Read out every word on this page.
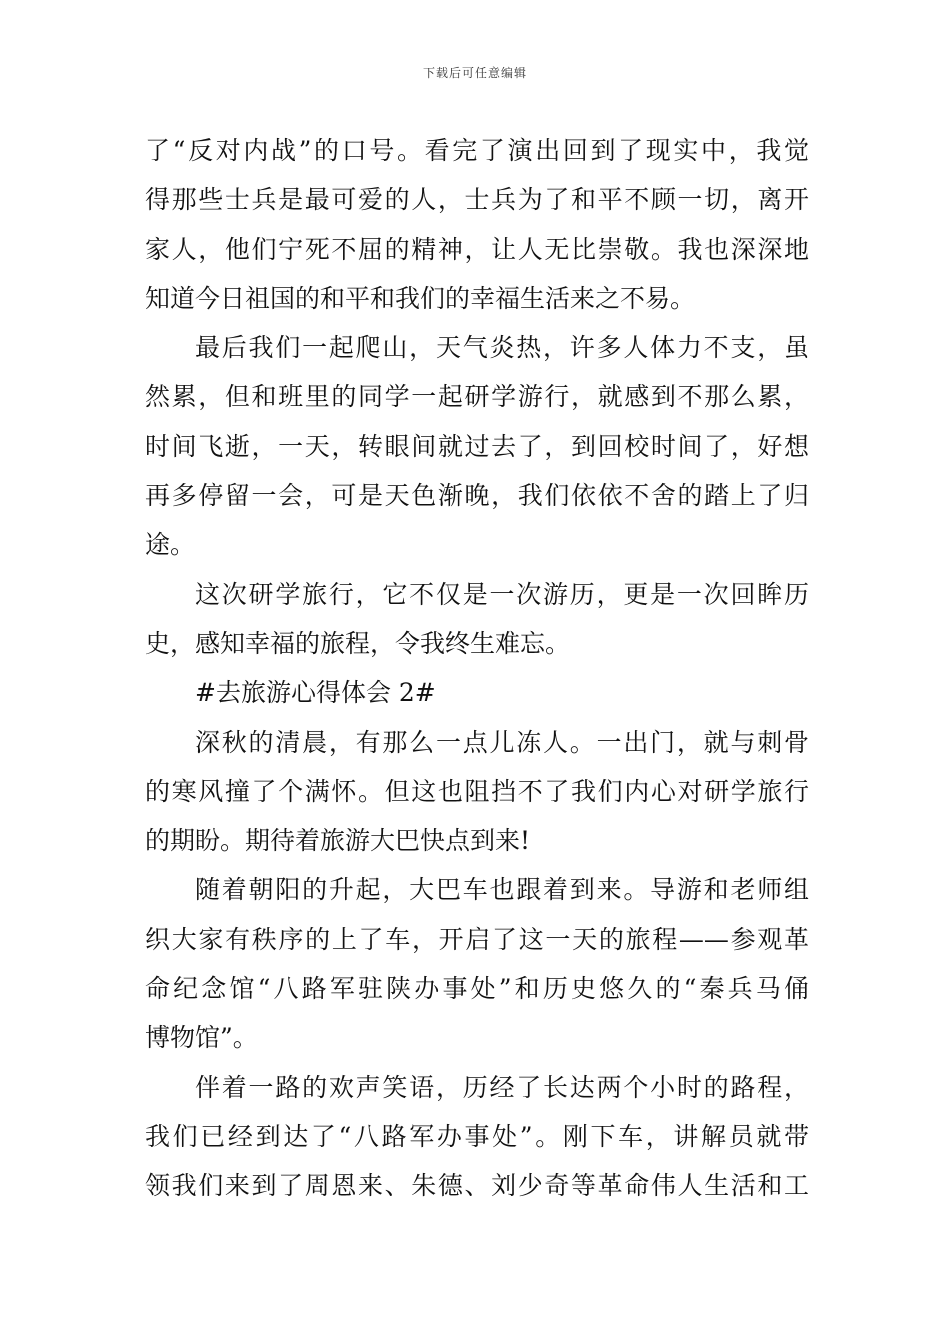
下载后可任意编辑
了“反对内战”的口号。看完了演出回到了现实中，我觉
得那些士兵是最可爱的人，士兵为了和平不顾一切，离开
家人，他们宁死不屈的精神，让人无比崇敬。我也深深地
知道今日祖国的和平和我们的幸福生活来之不易。
最后我们一起爬山，天气炎热，许多人体力不支，虽
然累，但和班里的同学一起研学游行，就感到不那么累，
时间飞逝，一天，转眼间就过去了，到回校时间了，好想
再多停留一会，可是天色渐晚，我们依依不舍的踏上了归
途。
这次研学旅行，它不仅是一次游历，更是一次回眸历
史，感知幸福的旅程，令我终生难忘。
#去旅游心得体会 2#
深秋的清晨，有那么一点儿冻人。一出门，就与刺骨
的寒风撞了个满怀。但这也阻挡不了我们内心对研学旅行
的期盼。期待着旅游大巴快点到来!
随着朝阳的升起，大巴车也跟着到来。导游和老师组
织大家有秩序的上了车，开启了这一天的旅程——参观革
命纪念馆“八路军驻陕办事处”和历史悠久的“秦兵马俑
博物馆”。
伴着一路的欢声笑语，历经了长达两个小时的路程，
我们已经到达了“八路军办事处”。刚下车，讲解员就带
领我们来到了周恩来、朱德、刘少奇等革命伟人生活和工
